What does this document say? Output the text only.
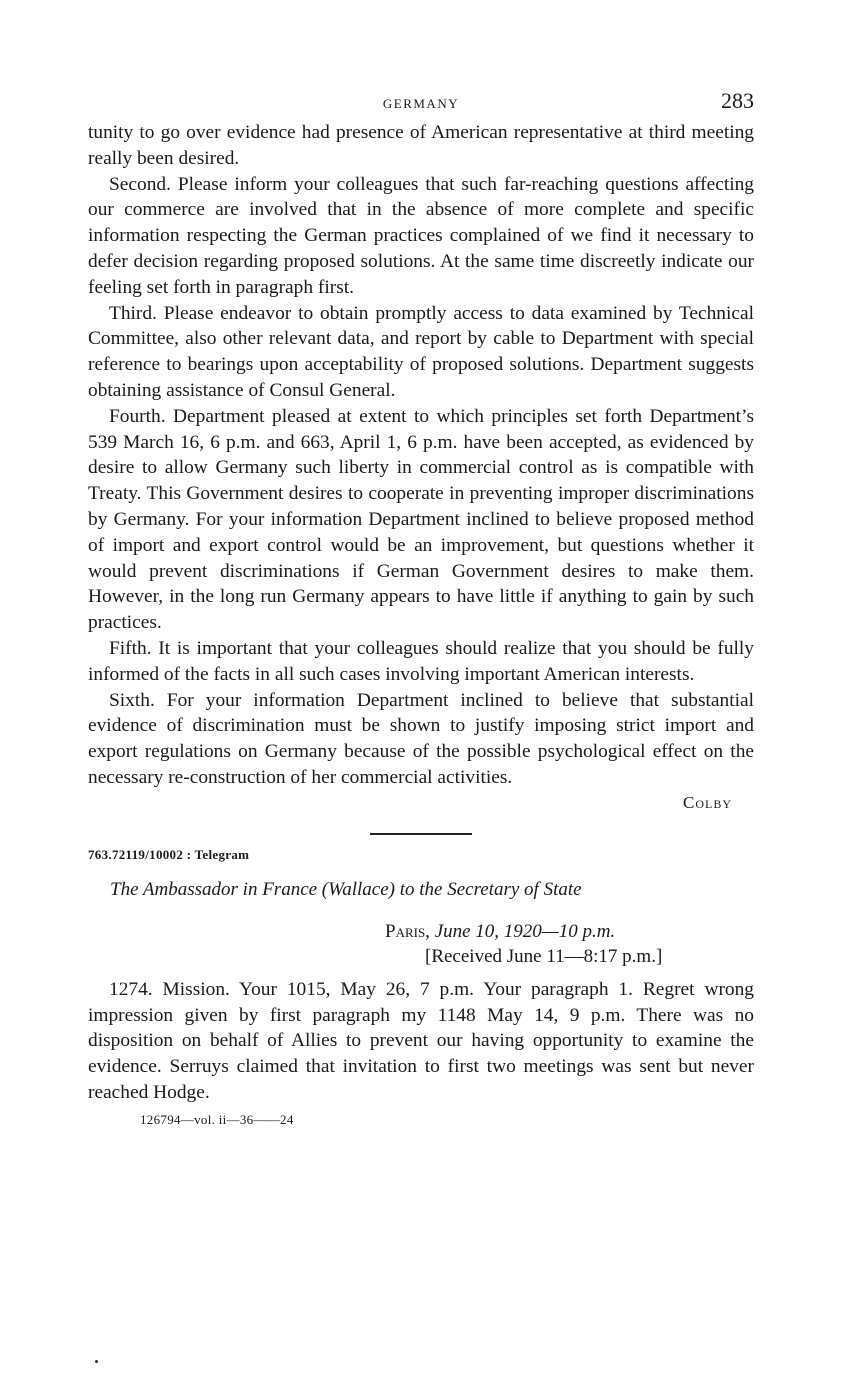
GERMANY	283

tunity to go over evidence had presence of American representative at third meeting really been desired.

Second. Please inform your colleagues that such far-reaching questions affecting our commerce are involved that in the absence of more complete and specific information respecting the German practices complained of we find it necessary to defer decision regarding proposed solutions. At the same time discreetly indicate our feeling set forth in paragraph first.

Third. Please endeavor to obtain promptly access to data examined by Technical Committee, also other relevant data, and report by cable to Department with special reference to bearings upon acceptability of proposed solutions. Department suggests obtaining assistance of Consul General.

Fourth. Department pleased at extent to which principles set forth Department’s 539 March 16, 6 p.m. and 663, April 1, 6 p.m. have been accepted, as evidenced by desire to allow Germany such liberty in commercial control as is compatible with Treaty. This Government desires to cooperate in preventing improper discriminations by Germany. For your information Department inclined to believe proposed method of import and export control would be an improvement, but questions whether it would prevent discriminations if German Government desires to make them. However, in the long run Germany appears to have little if anything to gain by such practices.

Fifth. It is important that your colleagues should realize that you should be fully informed of the facts in all such cases involving important American interests.

Sixth. For your information Department inclined to believe that substantial evidence of discrimination must be shown to justify imposing strict import and export regulations on Germany because of the possible psychological effect on the necessary re-construction of her commercial activities.

Colby
763.72119/10002 : Telegram
The Ambassador in France (Wallace) to the Secretary of State
Paris, June 10, 1920—10 p.m.
[Received June 11—8:17 p.m.]

1274. Mission. Your 1015, May 26, 7 p.m. Your paragraph 1. Regret wrong impression given by first paragraph my 1148 May 14, 9 p.m. There was no disposition on behalf of Allies to prevent our having opportunity to examine the evidence. Serruys claimed that invitation to first two meetings was sent but never reached Hodge.

126794—vol. ii—36——24
